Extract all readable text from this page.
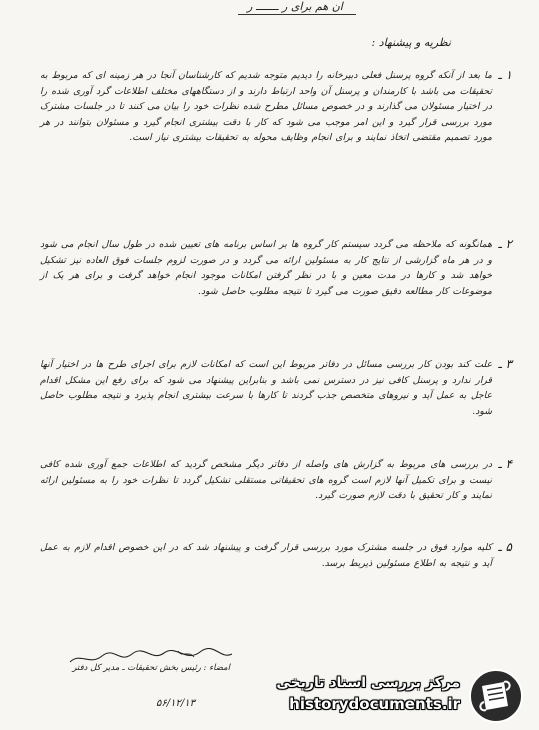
ان هم برای ر ـــــــ ر
نظریه و پیشنهاد :
۱ ـ
ما بعد از آنکه گروه پرسنل فعلی دبیرخانه را دیدیم متوجه شدیم که کارشناسان آنجا در هر زمینه ای که مربوط به تحقیقات می باشد با کارمندان و پرسنل آن واحد ارتباط دارند و از دستگاههای مختلف اطلاعات گرد آوری شده را در اختیار مسئولان می گذارند و در خصوص مسائل مطرح شده نظرات خود را بیان می کنند تا در جلسات مشترک مورد بررسی قرار گیرد و این امر موجب می شود که کار با دقت بیشتری انجام گیرد و مسئولان بتوانند در هر مورد تصمیم مقتضی اتخاذ نمایند و برای انجام وظایف محوله به تحقیقات بیشتری نیاز است.
۲ ـ
همانگونه که ملاحظه می گردد سیستم کار گروه ها بر اساس برنامه های تعیین شده در طول سال انجام می شود و در هر ماه گزارشی از نتایج کار به مسئولین ارائه می گردد و در صورت لزوم جلسات فوق العاده نیز تشکیل خواهد شد و کارها در مدت معین و با در نظر گرفتن امکانات موجود انجام خواهد گرفت و برای هر یک از موضوعات کار مطالعه دقیق صورت می گیرد تا نتیجه مطلوب حاصل شود.
۳ ـ
علت کند بودن کار بررسی مسائل در دفاتر مربوط این است که امکانات لازم برای اجرای طرح ها در اختیار آنها قرار ندارد و پرسنل کافی نیز در دسترس نمی باشد و بنابراین پیشنهاد می شود که برای رفع این مشکل اقدام عاجل به عمل آید و نیروهای متخصص جذب گردند تا کارها با سرعت بیشتری انجام پذیرد و نتیجه مطلوب حاصل شود.
۴ ـ
در بررسی های مربوط به گزارش های واصله از دفاتر دیگر مشخص گردید که اطلاعات جمع آوری شده کافی نیست و برای تکمیل آنها لازم است گروه های تحقیقاتی مستقلی تشکیل گردد تا نظرات خود را به مسئولین ارائه نمایند و کار تحقیق با دقت لازم صورت گیرد.
۵ ـ
کلیه موارد فوق در جلسه مشترک مورد بررسی قرار گرفت و پیشنهاد شد که در این خصوص اقدام لازم به عمل آید و نتیجه به اطلاع مسئولین ذیربط برسد.
امضاء : رئیس بخش تحقیقات ـ مدیر کل دفتر
۵۶/۱۲/۱۳
مرکز بررسی اسناد تاریخی
historydocuments.ir
